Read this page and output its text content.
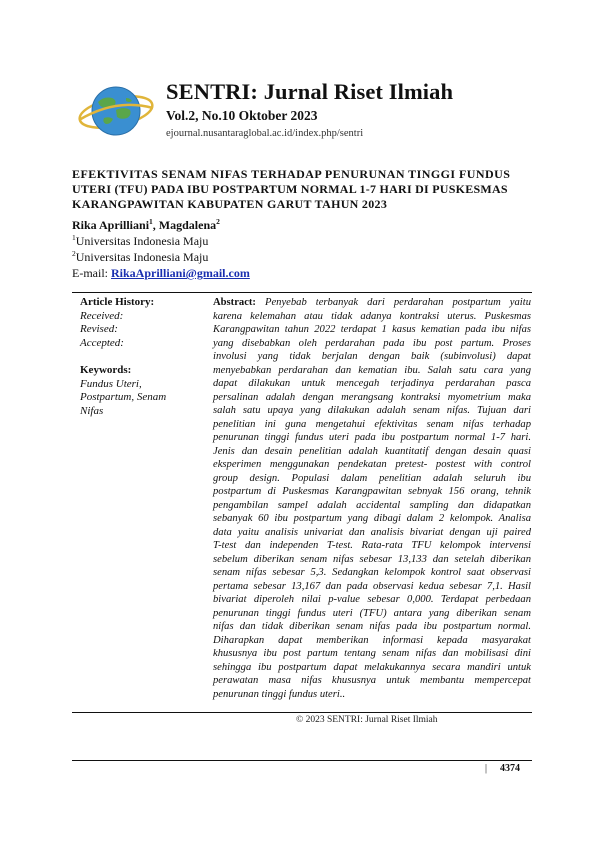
SENTRI: Jurnal Riset Ilmiah
Vol.2, No.10 Oktober 2023
ejournal.nusantaraglobal.ac.id/index.php/sentri
EFEKTIVITAS SENAM NIFAS TERHADAP PENURUNAN TINGGI FUNDUS
UTERI (TFU) PADA IBU POSTPARTUM NORMAL 1-7 HARI DI PUSKESMAS
KARANGPAWITAN KABUPATEN GARUT TAHUN 2023
Rika Aprilliani$^1$, Magdalena$^2$
$^1$Universitas Indonesia Maju
$^2$Universitas Indonesia Maju
E-mail: RikaAprilliani@gmail.com
Article History:
Received:
Revised:
Accepted:
Keywords:
Fundus Uteri,
Postpartum, Senam
Nifas
Abstract: Penyebab terbanyak dari perdarahan postpartum yaitu
karena kelemahan atau tidak adanya kontraksi uterus. Puskesmas
Karangpawitan tahun 2022 terdapat 1 kasus kematian pada ibu nifas
yang disebabkan oleh perdarahan pada ibu post partum. Proses
involusi yang tidak berjalan dengan baik (subinvolusi) dapat
menyebabkan perdarahan dan kematian ibu. Salah satu cara yang
dapat dilakukan untuk mencegah terjadinya perdarahan pasca
persalinan adalah dengan merangsang kontraksi myometrium maka
salah satu upaya yang dilakukan adalah senam nifas. Tujuan dari
penelitian ini guna mengetahui efektivitas senam nifas terhadap
penurunan tinggi fundus uteri pada ibu postpartum normal 1-7 hari.
Jenis dan desain penelitian adalah kuantitatif dengan desain quasi
eksperimen menggunakan pendekatan pretest- postest with control
group design. Populasi dalam penelitian adalah seluruh ibu
postpartum di Puskesmas Karangpawitan sebnyak 156 orang, tehnik
pengambilan sampel adalah accidental sampling dan didapatkan
sebanyak 60 ibu postpartum yang dibagi dalam 2 kelompok. Analisa
data yaitu analisis univariat dan analisis bivariat dengan uji paired
T-test dan independen T-test. Rata-rata TFU kelompok intervensi
sebelum diberikan senam nifas sebesar 13,133 dan setelah diberikan
senam nifas sebesar 5,3. Sedangkan kelompok kontrol saat observasi
pertama sebesar 13,167 dan pada observasi kedua sebesar 7,1. Hasil
bivariat diperoleh nilai p-value sebesar 0,000. Terdapat perbedaan
penurunan tinggi fundus uteri (TFU) antara yang diberikan senam
nifas dan tidak diberikan senam nifas pada ibu postpartum normal.
Diharapkan dapat memberikan informasi kepada masyarakat
khususnya ibu post partum tentang senam nifas dan mobilisasi dini
sehingga ibu postpartum dapat melakukannya secara mandiri untuk
perawatan masa nifas khususnya untuk membantu mempercepat
penurunan tinggi fundus uteri..
© 2023 SENTRI: Jurnal Riset Ilmiah
| 4374
